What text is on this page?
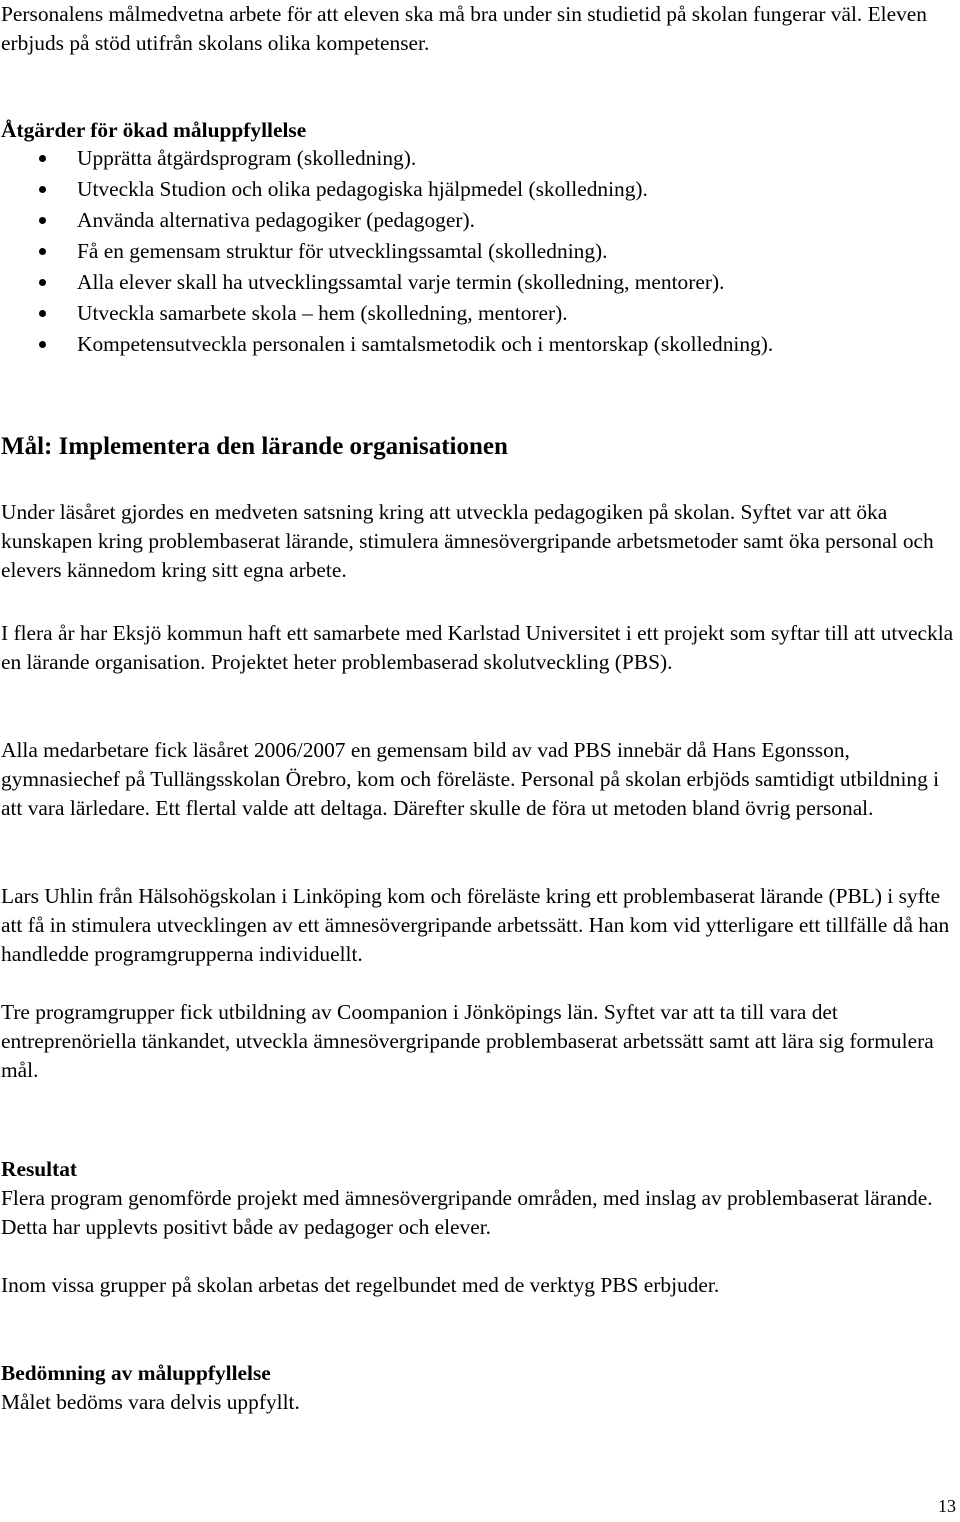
Personalens målmedvetna arbete för att eleven ska må bra under sin studietid på skolan fungerar väl. Eleven erbjuds på stöd utifrån skolans olika kompetenser.

Åtgärder för ökad måluppfyllelse

Upprätta åtgärdsprogram (skolledning).
Utveckla Studion och olika pedagogiska hjälpmedel (skolledning).
Använda alternativa pedagogiker (pedagoger).
Få en gemensam struktur för utvecklingssamtal (skolledning).
Alla elever skall ha utvecklingssamtal varje termin (skolledning, mentorer).
Utveckla samarbete skola – hem (skolledning, mentorer).
Kompetensutveckla personalen i samtalsmetodik och i mentorskap (skolledning).

Mål: Implementera den lärande organisationen

Under läsåret gjordes en medveten satsning kring att utveckla pedagogiken på skolan. Syftet var att öka kunskapen kring problembaserat lärande, stimulera ämnesövergripande arbetsmetoder samt öka personal och elevers kännedom kring sitt egna arbete.

I flera år har Eksjö kommun haft ett samarbete med Karlstad Universitet i ett projekt som syftar till att utveckla en lärande organisation. Projektet heter problembaserad skolutveckling (PBS).

Alla medarbetare fick läsåret 2006/2007 en gemensam bild av vad PBS innebär då Hans Egonsson, gymnasiechef på Tullängsskolan Örebro, kom och föreläste. Personal på skolan erbjöds samtidigt utbildning i att vara lärledare. Ett flertal valde att deltaga. Därefter skulle de föra ut metoden bland övrig personal.

Lars Uhlin från Hälsohögskolan i Linköping kom och föreläste kring ett problembaserat lärande (PBL) i syfte att få in stimulera utvecklingen av ett ämnesövergripande arbetssätt. Han kom vid ytterligare ett tillfälle då han handledde programgrupperna individuellt.

Tre programgrupper fick utbildning av Coompanion i Jönköpings län. Syftet var att ta till vara det entreprenöriella tänkandet, utveckla ämnesövergripande problembaserat arbetssätt samt att lära sig formulera mål.

Resultat

Flera program genomförde projekt med ämnesövergripande områden, med inslag av problembaserat lärande. Detta har upplevts positivt både av pedagoger och elever.

Inom vissa grupper på skolan arbetas det regelbundet med de verktyg PBS erbjuder.

Bedömning av måluppfyllelse

Målet bedöms vara delvis uppfyllt.

13
